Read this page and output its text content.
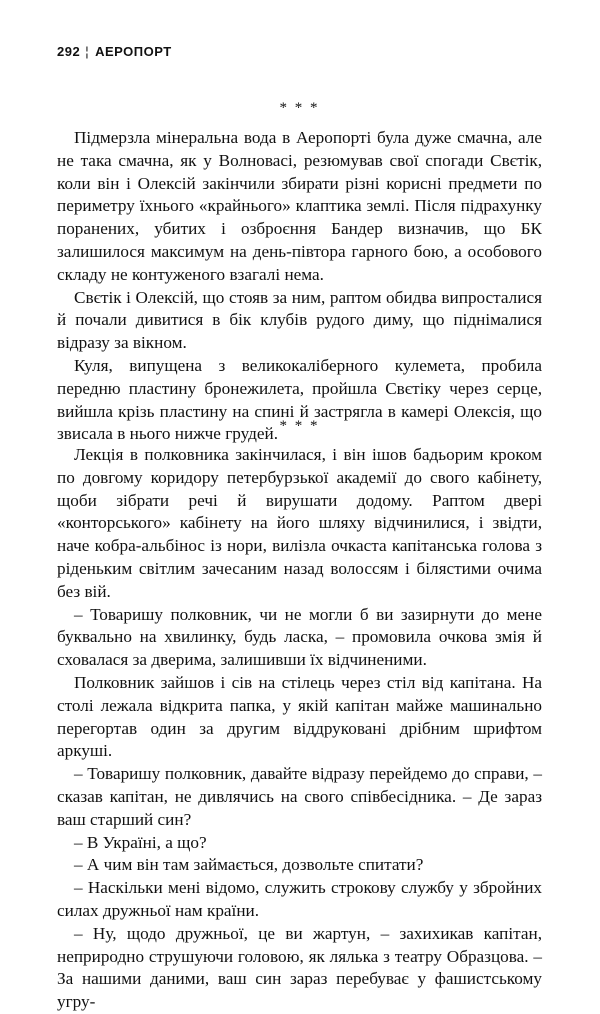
292 ¦ АЕРОПОРТ
* * *

Підмерзла мінеральна вода в Аеропорті була дуже смачна, але не така смачна, як у Волновасі, резюмував свої спогади Свєтік, коли він і Олексій закінчили збирати різні корисні предмети по периметру їхнього «крайнього» клаптика землі. Після підрахунку поранених, убитих і озброєння Бандер визначив, що БК залишилося максимум на день-півтора гарного бою, а особового складу не контуженого взагалі нема.

Свєтік і Олексій, що стояв за ним, раптом обидва випросталися й почали дивитися в бік клубів рудого диму, що піднімалися відразу за вікном.

Куля, випущена з великокаліберного кулемета, пробила передню пластину бронежилета, пройшла Свєтіку через серце, вийшла крізь пластину на спині й застрягла в камері Олексія, що звисала в нього нижче грудей. * * *

Лекція в полковника закінчилася, і він ішов бадьорим кроком по довгому коридору петербурзької академії до свого кабінету, щоби зібрати речі й вирушати додому. Раптом двері «конторського» кабінету на його шляху відчинилися, і звідти, наче кобра-альбінос із нори, вилізла очкаста капітанська голова з ріденьким світлим зачесаним назад волоссям і білястими очима без вій.

– Товаришу полковник, чи не могли б ви зазирнути до мене буквально на хвилинку, будь ласка, – промовила очкова змія й сховалася за дверима, залишивши їх відчиненими.

Полковник зайшов і сів на стілець через стіл від капітана. На столі лежала відкрита папка, у якій капітан майже машинально перегортав один за другим віддруковані дрібним шрифтом аркуші.

– Товаришу полковник, давайте відразу перейдемо до справи, – сказав капітан, не дивлячись на свого співбесідника. – Де зараз ваш старший син?

– В Україні, а що?

– А чим він там займається, дозвольте спитати?

– Наскільки мені відомо, служить строкову службу у збройних силах дружньої нам країни.

– Ну, щодо дружньої, це ви жартун, – захихикав капітан, неприродно струшуючи головою, як лялька з театру Образцова. – За нашими даними, ваш син зараз перебуває у фашистському угру-
